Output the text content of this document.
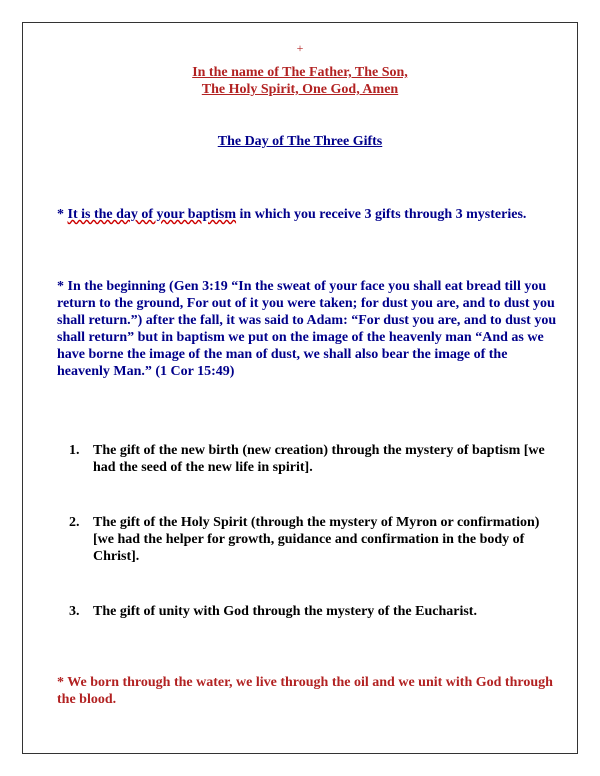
+
In the name of The Father, The Son,
The Holy Spirit, One God, Amen
The Day of The Three Gifts

* It is the day of your baptism in which you receive 3 gifts through 3 mysteries.

* In the beginning (Gen 3:19 “In the sweat of your face you shall eat bread till you return to the ground, For out of it you were taken; for dust you are, and to dust you shall return.”) after the fall, it was said to Adam: “For dust you are, and to dust you shall return” but in baptism we put on the image of the heavenly man “And as we have borne the image of the man of dust, we shall also bear the image of the heavenly Man.” (1 Cor 15:49)

1. The gift of the new birth (new creation) through the mystery of baptism [we had the seed of the new life in spirit].
2. The gift of the Holy Spirit (through the mystery of Myron or confirmation) [we had the helper for growth, guidance and confirmation in the body of Christ].
3. The gift of unity with God through the mystery of the Eucharist.

* We born through the water, we live through the oil and we unit with God through the blood.
